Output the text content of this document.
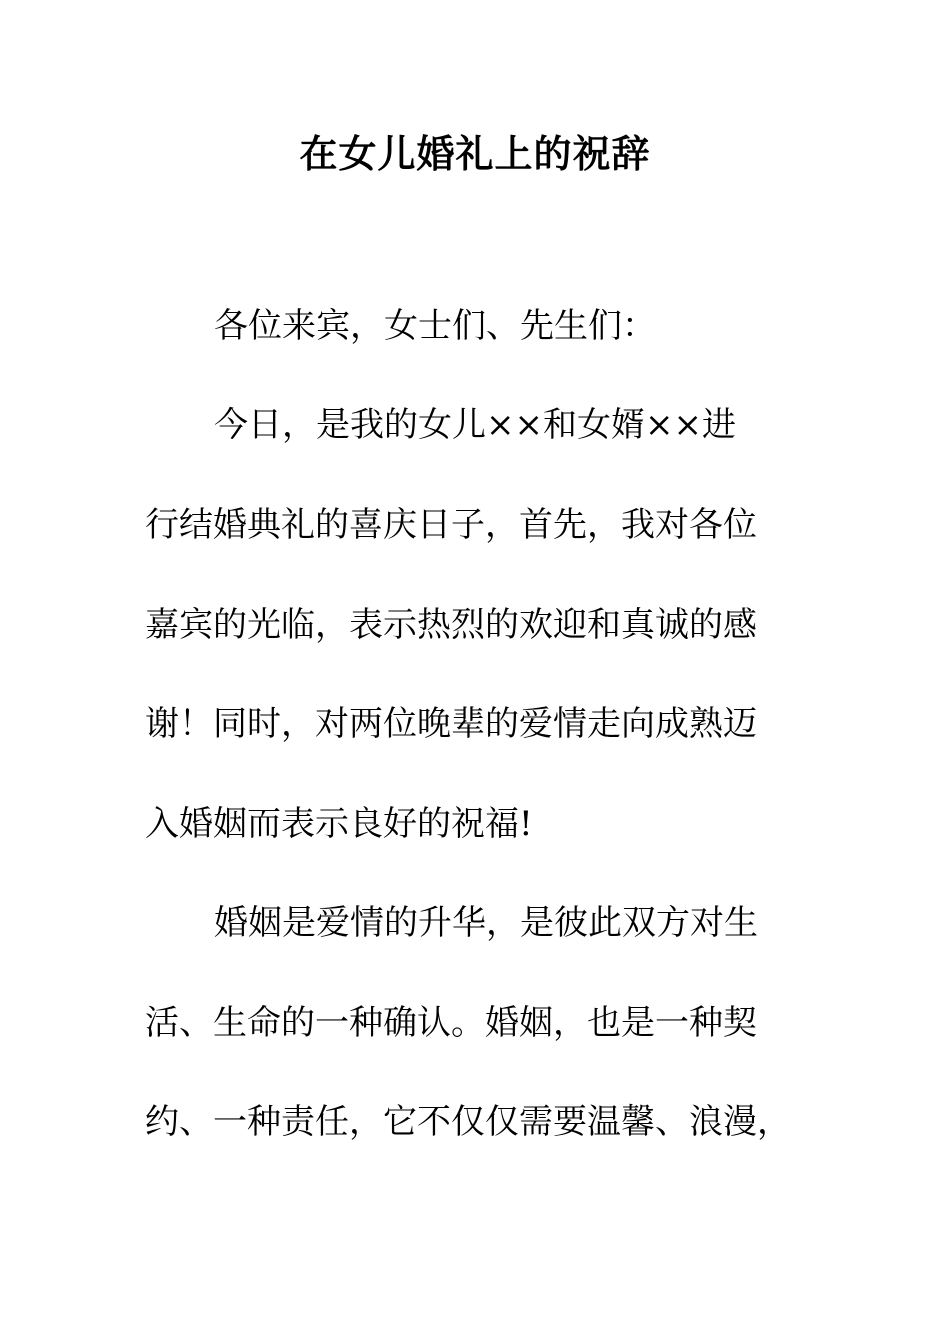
在女儿婚礼上的祝辞
各位来宾，女士们、先生们：
今日，是我的女儿××和女婿××进
行结婚典礼的喜庆日子，首先，我对各位
嘉宾的光临，表示热烈的欢迎和真诚的感
谢！同时，对两位晚辈的爱情走向成熟迈
入婚姻而表示良好的祝福!
婚姻是爱情的升华，是彼此双方对生
活、生命的一种确认。婚姻，也是一种契
约、一种责任，它不仅仅需要温馨、浪漫，
